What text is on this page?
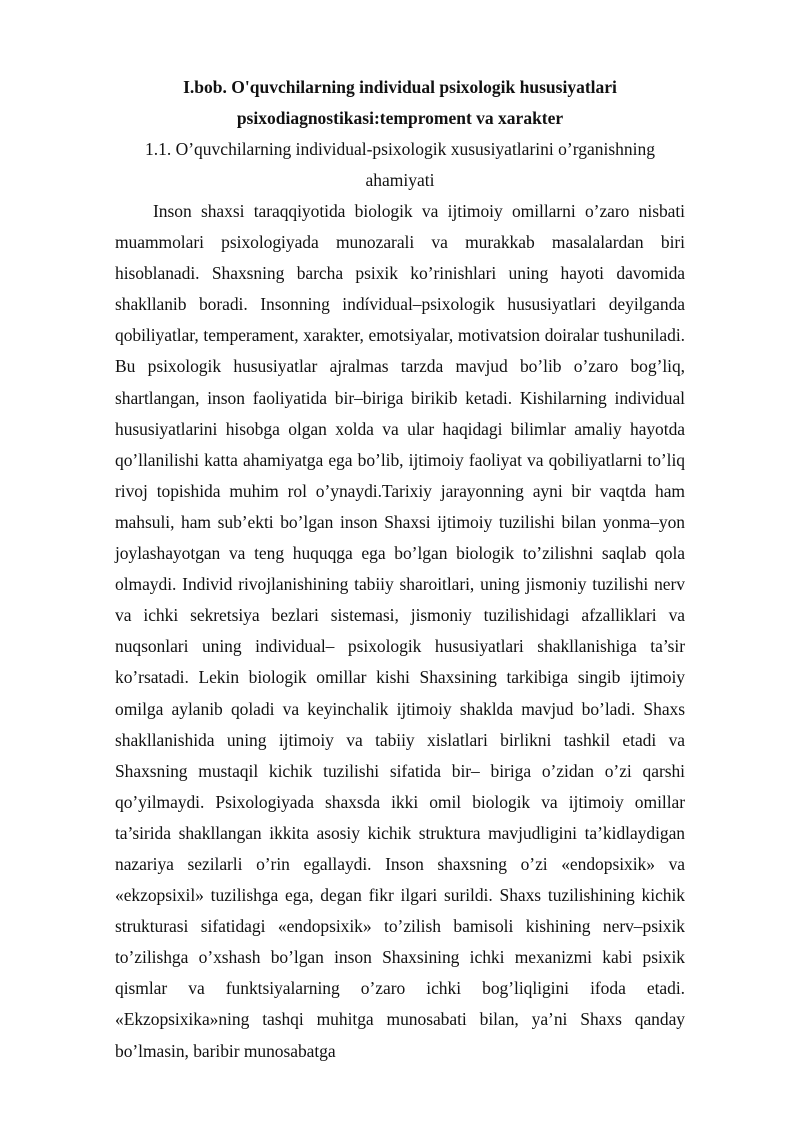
I.bob. O'quvchilarning individual psixologik hususiyatlari

psixodiagnostikasi:temproment va xarakter

1.1. O’quvchilarning individual-psixologik xususiyatlarini o’rganishning

ahamiyati

Inson shaxsi taraqqiyotida biologik va ijtimoiy omillarni o’zaro nisbati muammolari psixologiyada munozarali va murakkab masalalardan biri hisoblanadi. Shaxsning barcha psixik ko’rinishlari uning hayoti davomida shakllanib boradi. Insonning indívidual–psixologik hususiyatlari deyilganda qobiliyatlar, temperament, xarakter, emotsiyalar, motivatsion doiralar tushuniladi. Bu psixologik hususiyatlar ajralmas tarzda mavjud bo’lib o’zaro bog’liq, shartlangan, inson faoliyatida bir–biriga birikib ketadi. Kishilarning individual hususiyatlarini hisobga olgan xolda va ular haqidagi bilimlar amaliy hayotda qo’llanilishi katta ahamiyatga ega bo’lib, ijtimoiy faoliyat va qobiliyatlarni to’liq rivoj topishida muhim rol o’ynaydi.Tarixiy jarayonning ayni bir vaqtda ham mahsuli, ham sub’ekti bo’lgan inson Shaxsi ijtimoiy tuzilishi bilan yonma–yon joylashayotgan va teng huquqga ega bo’lgan biologik to’zilishni saqlab qola olmaydi. Individ rivojlanishining tabiiy sharoitlari, uning jismoniy tuzilishi nerv va ichki sekretsiya bezlari sistemasi, jismoniy tuzilishidagi afzalliklari va nuqsonlari uning individual– psixologik hususiyatlari shakllanishiga ta’sir ko’rsatadi. Lekin biologik omillar kishi Shaxsining tarkibiga singib ijtimoiy omilga aylanib qoladi va keyinchalik ijtimoiy shaklda mavjud bo’ladi. Shaxs shakllanishida uning ijtimoiy va tabiiy xislatlari birlikni tashkil etadi va Shaxsning mustaqil kichik tuzilishi sifatida bir– biriga o’zidan o’zi qarshi qo’yilmaydi. Psixologiyada shaxsda ikki omil biologik va ijtimoiy omillar ta’sirida shakllangan ikkita asosiy kichik struktura mavjudligini ta’kidlaydigan nazariya sezilarli o’rin egallaydi. Inson shaxsning o’zi «endopsixik» va «ekzopsixil» tuzilishga ega, degan fikr ilgari surildi. Shaxs tuzilishining kichik strukturasi sifatidagi «endopsixik» to’zilish bamisoli kishining nerv–psixik to’zilishga o’xshash bo’lgan inson Shaxsining ichki mexanizmi kabi psixik qismlar va funktsiyalarning o’zaro ichki bog’liqligini ifoda etadi. «Ekzopsixika»ning tashqi muhitga munosabati bilan, ya’ni Shaxs qanday bo’lmasin, baribir munosabatga
